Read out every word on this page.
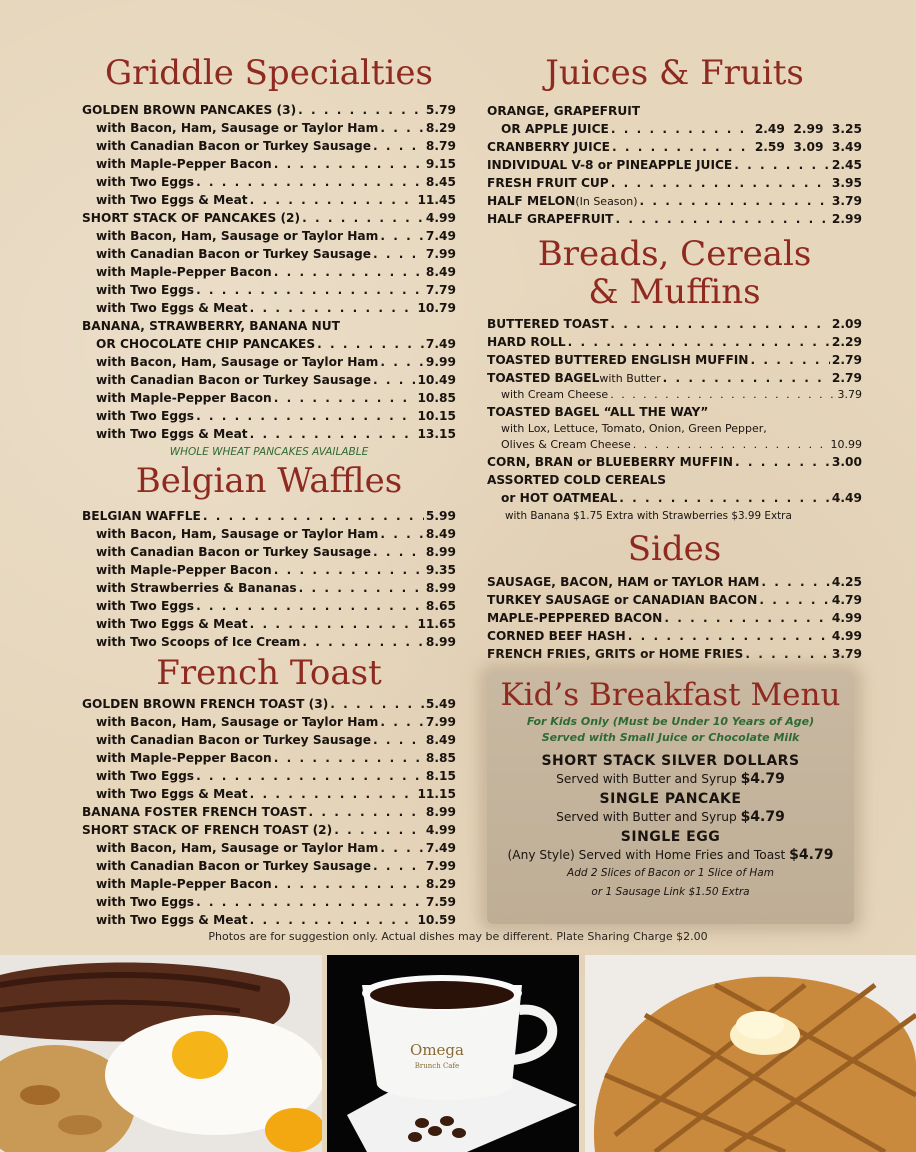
Griddle Specialties
GOLDEN BROWN PANCAKES (3) . . .	5.79
with Bacon, Ham, Sausage or Taylor Ham . . .	8.29
with Canadian Bacon or Turkey Sausage . . .	8.79
with Maple-Pepper Bacon . . .	9.15
with Two Eggs . . .	8.45
with Two Eggs & Meat . . .	11.45
SHORT STACK OF PANCAKES (2) . . .	4.99
with Bacon, Ham, Sausage or Taylor Ham . . .	7.49
with Canadian Bacon or Turkey Sausage . . .	7.99
with Maple-Pepper Bacon . . .	8.49
with Two Eggs . . .	7.79
with Two Eggs & Meat . . .	10.79
BANANA, STRAWBERRY, BANANA NUT
OR CHOCOLATE CHIP PANCAKES . . .	7.49
with Bacon, Ham, Sausage or Taylor Ham . . .	9.99
with Canadian Bacon or Turkey Sausage . . .	10.49
with Maple-Pepper Bacon . . .	10.85
with Two Eggs . . .	10.15
with Two Eggs & Meat . . .	13.15
WHOLE WHEAT PANCAKES AVAILABLE
Belgian Waffles
BELGIAN WAFFLE . . .	5.99
with Bacon, Ham, Sausage or Taylor Ham . . .	8.49
with Canadian Bacon or Turkey Sausage . . .	8.99
with Maple-Pepper Bacon . . .	9.35
with Strawberries & Bananas . . .	8.99
with Two Eggs . . .	8.65
with Two Eggs & Meat . . .	11.65
with Two Scoops of Ice Cream . . .	8.99
French Toast
GOLDEN BROWN FRENCH TOAST (3) . . .	5.49
with Bacon, Ham, Sausage or Taylor Ham . . .	7.99
with Canadian Bacon or Turkey Sausage . . .	8.49
with Maple-Pepper Bacon . . .	8.85
with Two Eggs . . .	8.15
with Two Eggs & Meat . . .	11.15
BANANA FOSTER FRENCH TOAST . . .	8.99
SHORT STACK OF FRENCH TOAST (2) . . .	4.99
with Bacon, Ham, Sausage or Taylor Ham . . .	7.49
with Canadian Bacon or Turkey Sausage . . .	7.99
with Maple-Pepper Bacon . . .	8.29
with Two Eggs . . .	7.59
with Two Eggs & Meat . . .	10.59
Juices & Fruits
ORANGE, GRAPEFRUIT
OR APPLE JUICE . . .	2.49  2.99  3.25
CRANBERRY JUICE . . .	2.59  3.09  3.49
INDIVIDUAL V-8 or PINEAPPLE JUICE . . .	2.45
FRESH FRUIT CUP . . .	3.95
HALF MELON (In Season) . . .	3.79
HALF GRAPEFRUIT . . .	2.99
Breads, Cereals
& Muffins
BUTTERED TOAST . . .	2.09
HARD ROLL . . .	2.29
TOASTED BUTTERED ENGLISH MUFFIN . . .	2.79
TOASTED BAGEL with Butter . . .	2.79
with Cream Cheese . . .	3.79
TOASTED BAGEL “ALL THE WAY”
with Lox, Lettuce, Tomato, Onion, Green Pepper,
Olives & Cream Cheese . . .	10.99
CORN, BRAN or BLUEBERRY MUFFIN . . .	3.00
ASSORTED COLD CEREALS
or HOT OATMEAL . . .	4.49
with Banana $1.75 Extra with Strawberries $3.99 Extra
Sides
SAUSAGE, BACON, HAM or TAYLOR HAM . . .	4.25
TURKEY SAUSAGE or CANADIAN BACON . . .	4.79
MAPLE-PEPPERED BACON . . .	4.99
CORNED BEEF HASH . . .	4.99
FRENCH FRIES, GRITS or HOME FRIES . . .	3.79
Kid’s Breakfast Menu
For Kids Only (Must be Under 10 Years of Age)
Served with Small Juice or Chocolate Milk
SHORT STACK SILVER DOLLARS
Served with Butter and Syrup $4.79
SINGLE PANCAKE
Served with Butter and Syrup $4.79
SINGLE EGG
(Any Style) Served with Home Fries and Toast $4.79
Add 2 Slices of Bacon or 1 Slice of Ham
or 1 Sausage Link $1.50 Extra
Photos are for suggestion only. Actual dishes may be different. Plate Sharing Charge $2.00
Omega
Brunch Cafe
